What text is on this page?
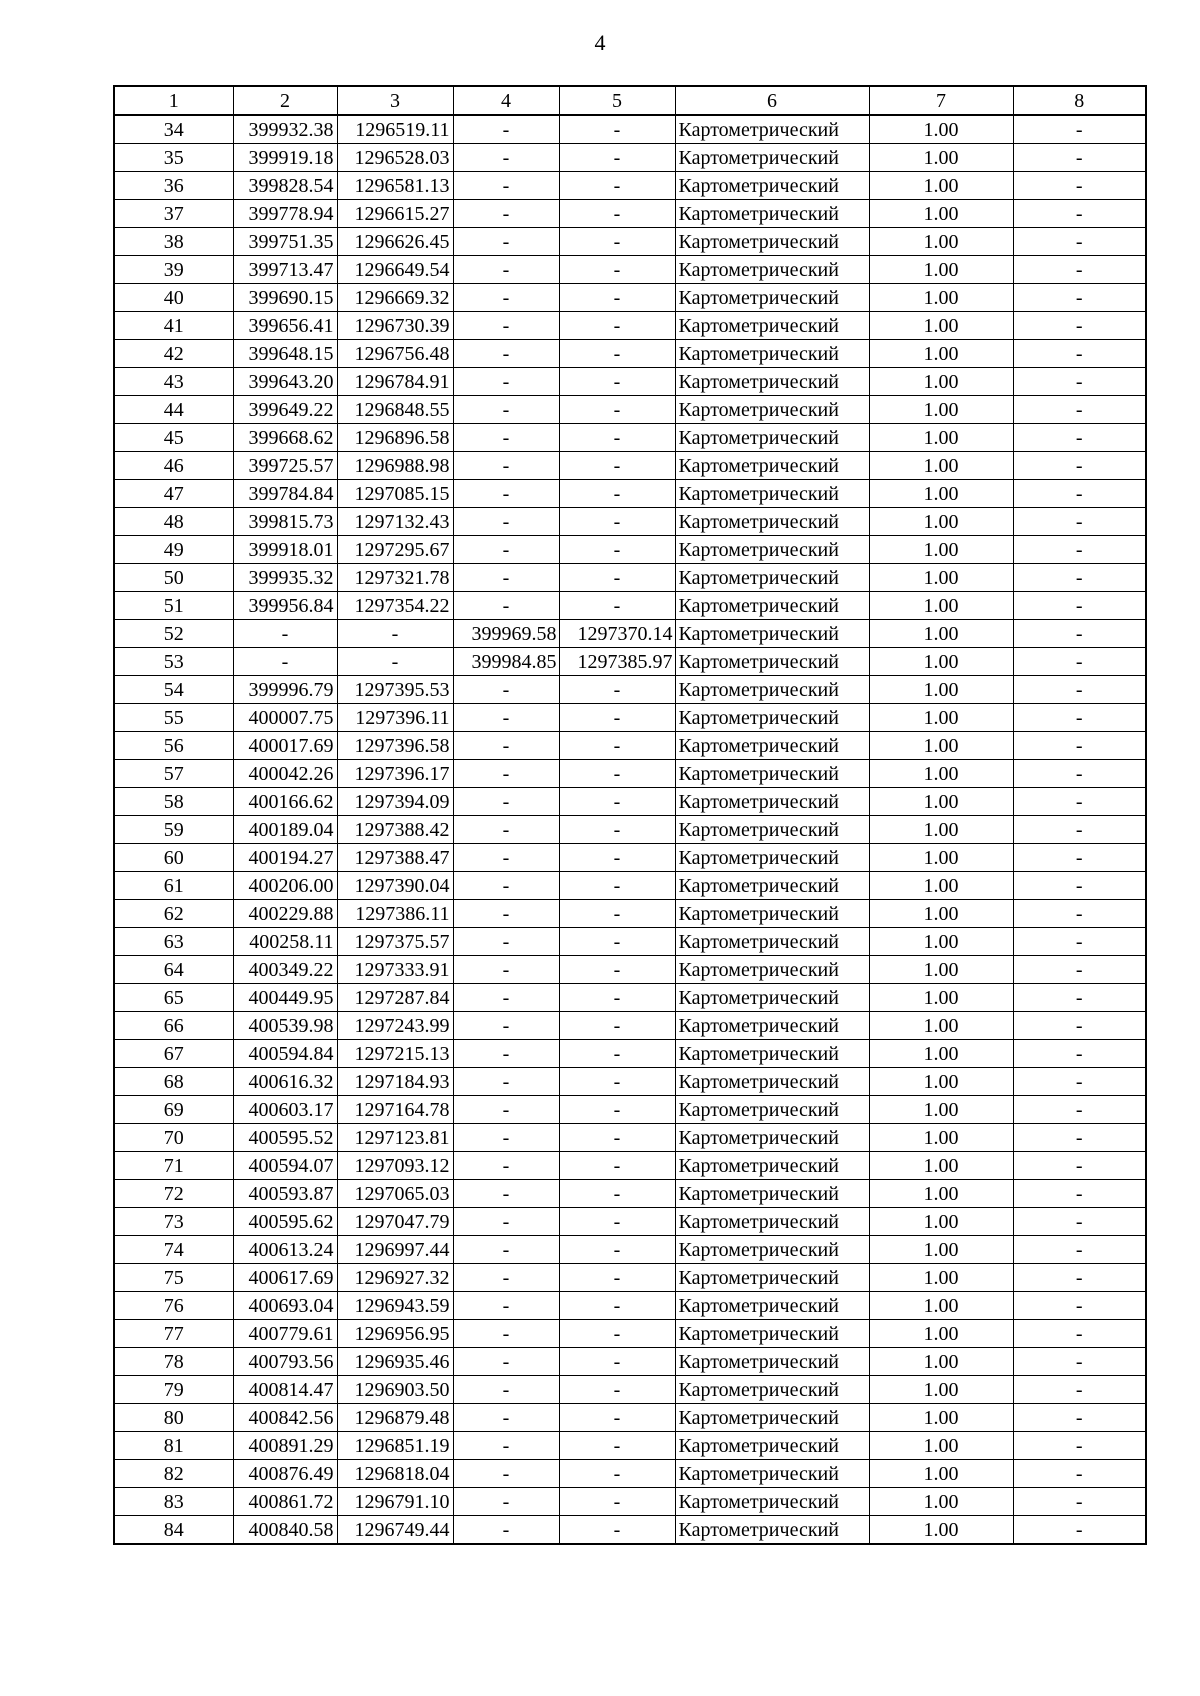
4
1	2	3	4	5	6	7	8
34	399932.38	1296519.11	-	-	Картометрический	1.00	-
35	399919.18	1296528.03	-	-	Картометрический	1.00	-
36	399828.54	1296581.13	-	-	Картометрический	1.00	-
37	399778.94	1296615.27	-	-	Картометрический	1.00	-
38	399751.35	1296626.45	-	-	Картометрический	1.00	-
39	399713.47	1296649.54	-	-	Картометрический	1.00	-
40	399690.15	1296669.32	-	-	Картометрический	1.00	-
41	399656.41	1296730.39	-	-	Картометрический	1.00	-
42	399648.15	1296756.48	-	-	Картометрический	1.00	-
43	399643.20	1296784.91	-	-	Картометрический	1.00	-
44	399649.22	1296848.55	-	-	Картометрический	1.00	-
45	399668.62	1296896.58	-	-	Картометрический	1.00	-
46	399725.57	1296988.98	-	-	Картометрический	1.00	-
47	399784.84	1297085.15	-	-	Картометрический	1.00	-
48	399815.73	1297132.43	-	-	Картометрический	1.00	-
49	399918.01	1297295.67	-	-	Картометрический	1.00	-
50	399935.32	1297321.78	-	-	Картометрический	1.00	-
51	399956.84	1297354.22	-	-	Картометрический	1.00	-
52	-	-	399969.58	1297370.14	Картометрический	1.00	-
53	-	-	399984.85	1297385.97	Картометрический	1.00	-
54	399996.79	1297395.53	-	-	Картометрический	1.00	-
55	400007.75	1297396.11	-	-	Картометрический	1.00	-
56	400017.69	1297396.58	-	-	Картометрический	1.00	-
57	400042.26	1297396.17	-	-	Картометрический	1.00	-
58	400166.62	1297394.09	-	-	Картометрический	1.00	-
59	400189.04	1297388.42	-	-	Картометрический	1.00	-
60	400194.27	1297388.47	-	-	Картометрический	1.00	-
61	400206.00	1297390.04	-	-	Картометрический	1.00	-
62	400229.88	1297386.11	-	-	Картометрический	1.00	-
63	400258.11	1297375.57	-	-	Картометрический	1.00	-
64	400349.22	1297333.91	-	-	Картометрический	1.00	-
65	400449.95	1297287.84	-	-	Картометрический	1.00	-
66	400539.98	1297243.99	-	-	Картометрический	1.00	-
67	400594.84	1297215.13	-	-	Картометрический	1.00	-
68	400616.32	1297184.93	-	-	Картометрический	1.00	-
69	400603.17	1297164.78	-	-	Картометрический	1.00	-
70	400595.52	1297123.81	-	-	Картометрический	1.00	-
71	400594.07	1297093.12	-	-	Картометрический	1.00	-
72	400593.87	1297065.03	-	-	Картометрический	1.00	-
73	400595.62	1297047.79	-	-	Картометрический	1.00	-
74	400613.24	1296997.44	-	-	Картометрический	1.00	-
75	400617.69	1296927.32	-	-	Картометрический	1.00	-
76	400693.04	1296943.59	-	-	Картометрический	1.00	-
77	400779.61	1296956.95	-	-	Картометрический	1.00	-
78	400793.56	1296935.46	-	-	Картометрический	1.00	-
79	400814.47	1296903.50	-	-	Картометрический	1.00	-
80	400842.56	1296879.48	-	-	Картометрический	1.00	-
81	400891.29	1296851.19	-	-	Картометрический	1.00	-
82	400876.49	1296818.04	-	-	Картометрический	1.00	-
83	400861.72	1296791.10	-	-	Картометрический	1.00	-
84	400840.58	1296749.44	-	-	Картометрический	1.00	-
